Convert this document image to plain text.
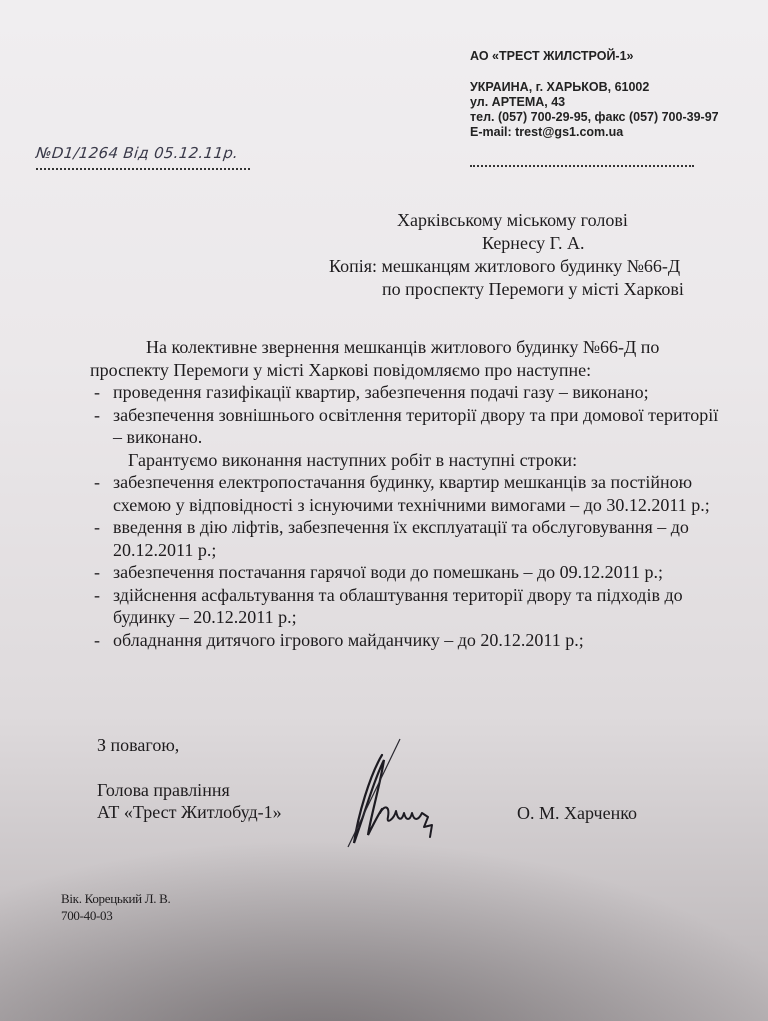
АО «ТРЕСТ ЖИЛСТРОЙ-1»
УКРАИНА, г. ХАРЬКОВ, 61002
ул. АРТЕМА, 43
тел. (057) 700-29-95, факс (057) 700-39-97
E-mail: trest@gs1.com.ua
№D1/1264 Від 05.12.11р.
Харківському міському голові
Кернесу Г. А.
Копія: мешканцям житлового будинку №66-Д
по проспекту Перемоги у місті Харкові

На колективне звернення мешканців житлового будинку №66-Д по проспекту Перемоги у місті Харкові повідомляємо про наступне:

- проведення газифікації квартир, забезпечення подачі газу – виконано;

- забезпечення зовнішнього освітлення території двору та при домової території – виконано.

Гарантуємо виконання наступних робіт в наступні строки:

- забезпечення електропостачання будинку, квартир мешканців за постійною схемою у відповідності з існуючими технічними вимогами – до 30.12.2011 р.;

- введення в дію ліфтів, забезпечення їх експлуатації та обслуговування – до 20.12.2011 р.;

- забезпечення постачання гарячої води до помешкань – до 09.12.2011 р.;

- здійснення асфальтування та облаштування території двору та підходів до будинку – 20.12.2011 р.;

- обладнання дитячого ігрового майданчику – до 20.12.2011 р.;

З повагою,
Голова правління
АТ «Трест Житлобуд-1»	О. М. Харченко
Вік. Корецький Л. В.
700-40-03
